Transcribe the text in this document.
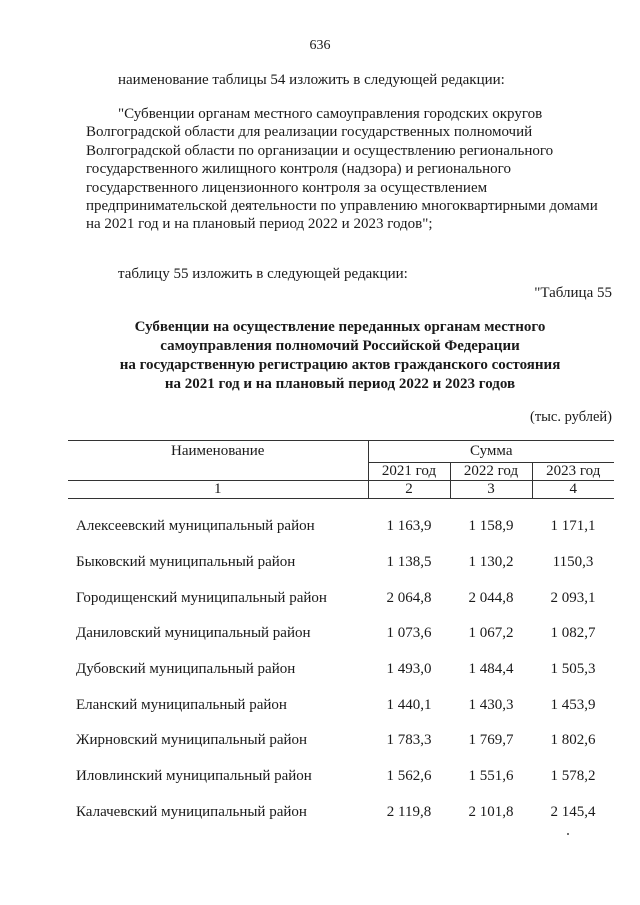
636
наименование таблицы 54 изложить в следующей редакции:
"Субвенции органам местного самоуправления городских округов
Волгоградской области для реализации государственных полномочий
Волгоградской области по организации и осуществлению регионального
государственного жилищного контроля (надзора) и регионального
государственного лицензионного контроля за осуществлением
предпринимательской деятельности по управлению многоквартирными домами
на 2021 год и на плановый период 2022 и 2023 годов";
таблицу 55 изложить в следующей редакции:
"Таблица 55
Субвенции на осуществление переданных органам местного
самоуправления полномочий Российской Федерации
на государственную регистрацию актов гражданского состояния
на 2021 год и на плановый период 2022 и 2023 годов
(тыс. рублей)
Наименование	Сумма		
	2021 год	2022 год	2023 год
1	2	3	4

Алексеевский муниципальный район	1 163,9	1 158,9	1 171,1
Быковский муниципальный район	1 138,5	1 130,2	1150,3
Городищенский муниципальный район	2 064,8	2 044,8	2 093,1
Даниловский муниципальный район	1 073,6	1 067,2	1 082,7
Дубовский муниципальный район	1 493,0	1 484,4	1 505,3
Еланский муниципальный район	1 440,1	1 430,3	1 453,9
Жирновский муниципальный район	1 783,3	1 769,7	1 802,6
Иловлинский муниципальный район	1 562,6	1 551,6	1 578,2
Калачевский муниципальный район	2 119,8	2 101,8	2 145,4
